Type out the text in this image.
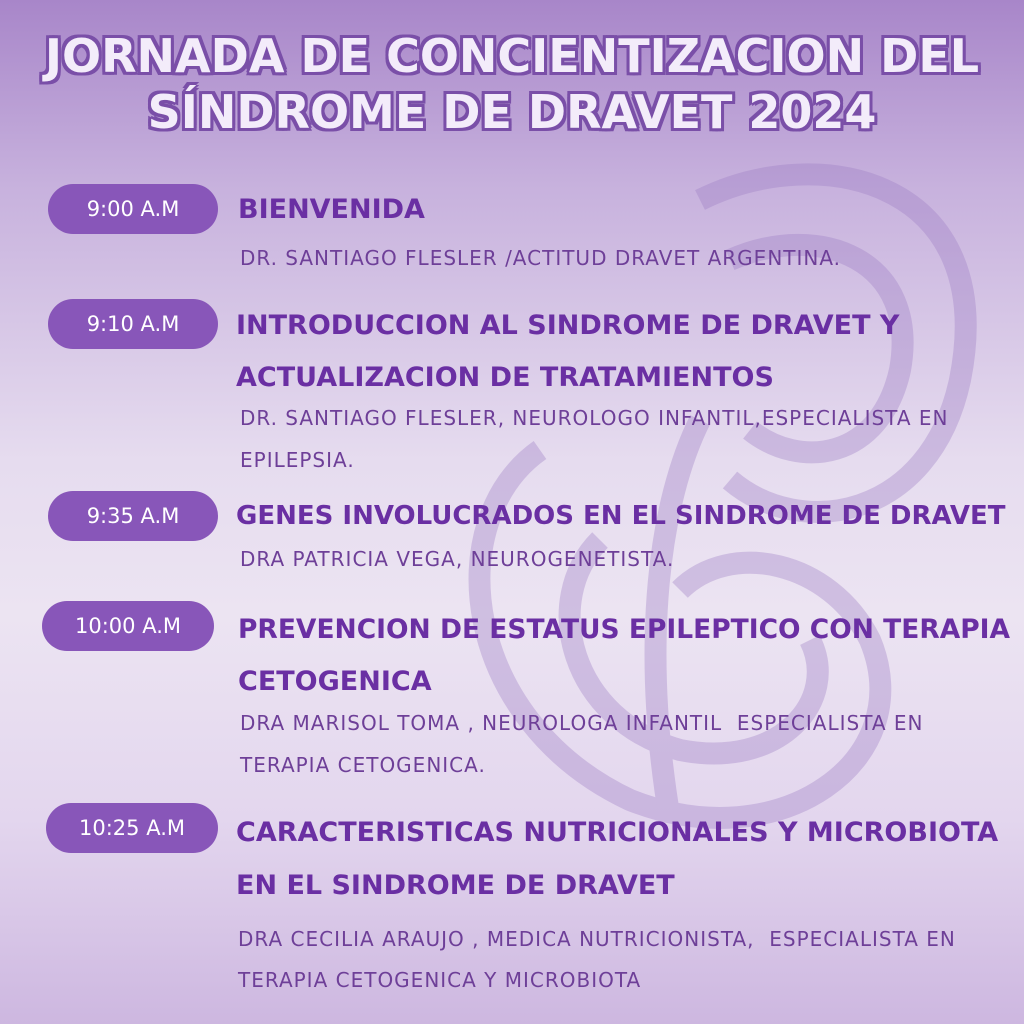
JORNADA DE CONCIENTIZACION DEL
SÍNDROME DE DRAVET 2024
9:00 A.M	BIENVENIDA
DR. SANTIAGO FLESLER /ACTITUD DRAVET ARGENTINA.
9:10 A.M	INTRODUCCION AL SINDROME DE DRAVET Y
ACTUALIZACION DE TRATAMIENTOS
DR. SANTIAGO FLESLER, NEUROLOGO INFANTIL,ESPECIALISTA EN
EPILEPSIA.
9:35 A.M	GENES INVOLUCRADOS EN EL SINDROME DE DRAVET
DRA PATRICIA VEGA, NEUROGENETISTA.
10:00 A.M	PREVENCION DE ESTATUS EPILEPTICO CON TERAPIA
CETOGENICA
DRA MARISOL TOMA , NEUROLOGA INFANTIL  ESPECIALISTA EN
TERAPIA CETOGENICA.
10:25 A.M	CARACTERISTICAS NUTRICIONALES Y MICROBIOTA
EN EL SINDROME DE DRAVET
DRA CECILIA ARAUJO , MEDICA NUTRICIONISTA,  ESPECIALISTA EN
TERAPIA CETOGENICA Y MICROBIOTA
